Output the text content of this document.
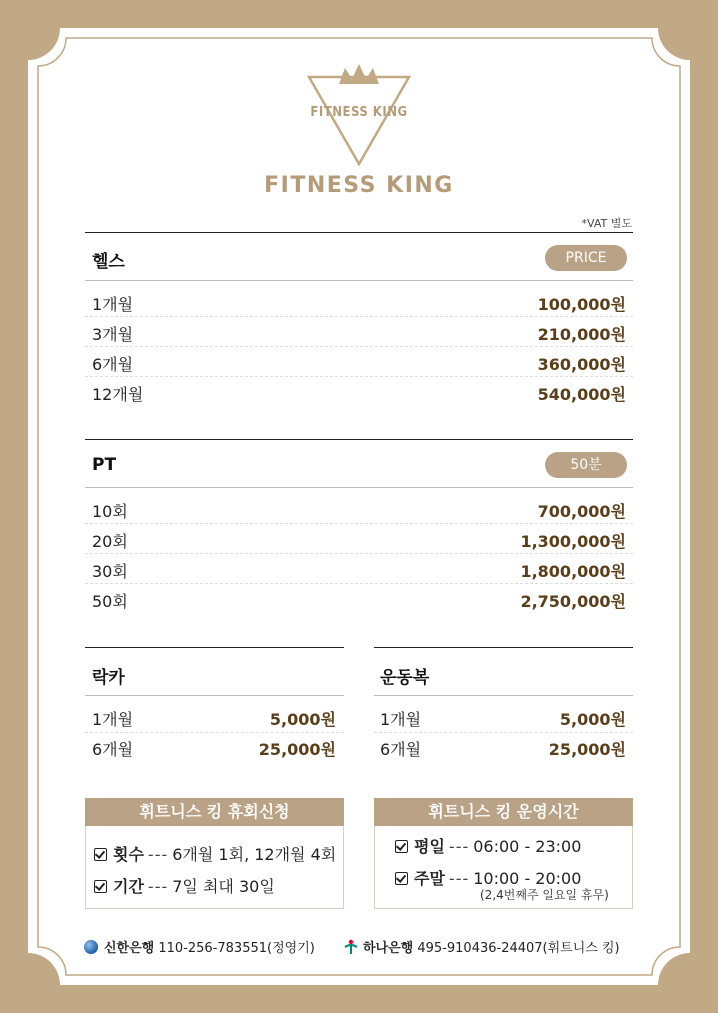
FITNESS KING
FITNESS KING
*VAT 별도
헬스	PRICE
1개월	100,000원
3개월	210,000원
6개월	360,000원
12개월	540,000원
PT	50분
10회	700,000원
20회	1,300,000원
30회	1,800,000원
50회	2,750,000원
락카
1개월	5,000원
6개월	25,000원
운동복
1개월	5,000원
6개월	25,000원
휘트니스 킹 휴회신청
횟수 --- 6개월 1회, 12개월 4회
기간 --- 7일 최대 30일
휘트니스 킹 운영시간
평일 --- 06:00 - 23:00
주말 --- 10:00 - 20:00
(2,4번째주 일요일 휴무)
신한은행 110-256-783551(정영기)	하나은행 495-910436-24407(휘트니스 킹)
